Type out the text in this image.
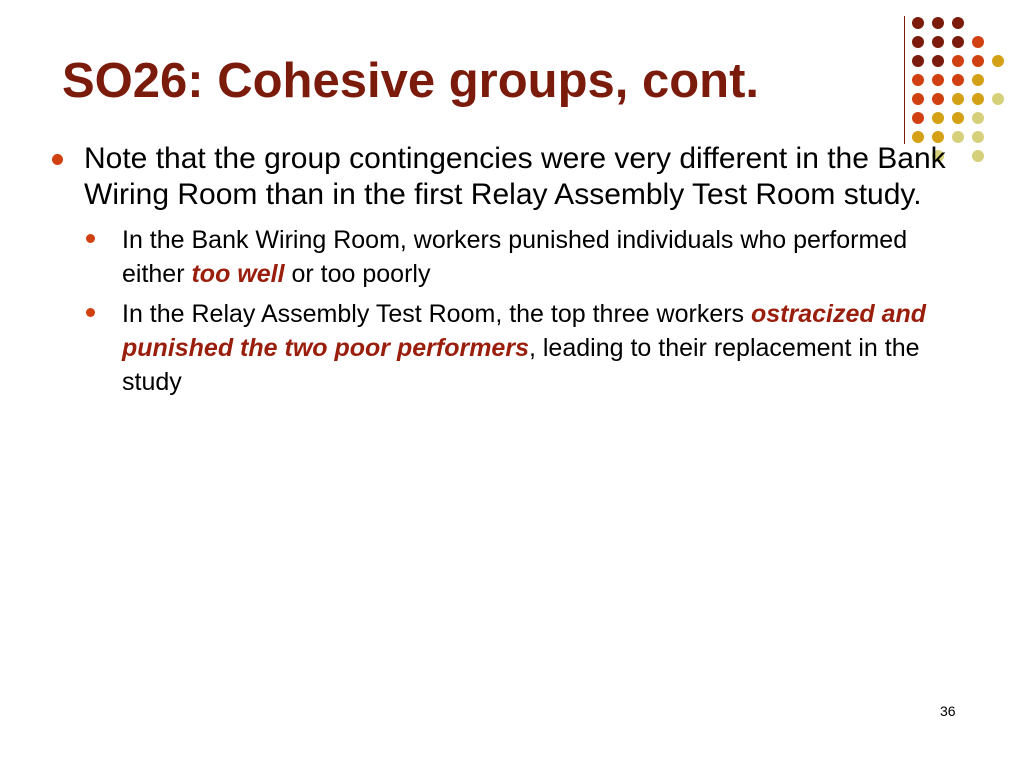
SO26: Cohesive groups, cont.

Note that the group contingencies were very different in the Bank Wiring Room than in the first Relay Assembly Test Room study.

In the Bank Wiring Room, workers punished individuals who performed either too well or too poorly

In the Relay Assembly Test Room, the top three workers ostracized and punished the two poor performers, leading to their replacement in the study

36
